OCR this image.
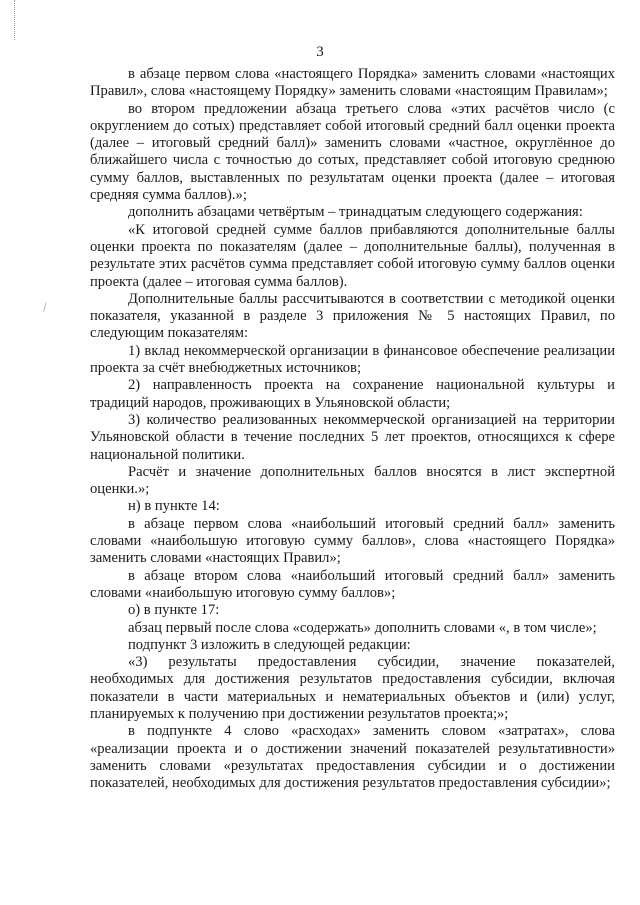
⁄
3

в абзаце первом слова «настоящего Порядка» заменить словами «настоящих Правил», слова «настоящему Порядку» заменить словами «настоящим Правилам»;

во втором предложении абзаца третьего слова «этих расчётов число (с округлением до сотых) представляет собой итоговый средний балл оценки проекта (далее – итоговый средний балл)» заменить словами «частное, округлённое до ближайшего числа с точностью до сотых, представляет собой итоговую среднюю сумму баллов, выставленных по результатам оценки проекта (далее – итоговая средняя сумма баллов).»;

дополнить абзацами четвёртым – тринадцатым следующего содержания:

«К итоговой средней сумме баллов прибавляются дополнительные баллы оценки проекта по показателям (далее – дополнительные баллы), полученная в результате этих расчётов сумма представляет собой итоговую сумму баллов оценки проекта (далее – итоговая сумма баллов).

Дополнительные баллы рассчитываются в соответствии с методикой оценки показателя, указанной в разделе 3 приложения № 5 настоящих Правил, по следующим показателям:

1) вклад некоммерческой организации в финансовое обеспечение реализации проекта за счёт внебюджетных источников;

2) направленность проекта на сохранение национальной культуры и традиций народов, проживающих в Ульяновской области;

3) количество реализованных некоммерческой организацией на территории Ульяновской области в течение последних 5 лет проектов, относящихся к сфере национальной политики.

Расчёт и значение дополнительных баллов вносятся в лист экспертной оценки.»;

н) в пункте 14:

в абзаце первом слова «наибольший итоговый средний балл» заменить словами «наибольшую итоговую сумму баллов», слова «настоящего Порядка» заменить словами «настоящих Правил»;

в абзаце втором слова «наибольший итоговый средний балл» заменить словами «наибольшую итоговую сумму баллов»;

о) в пункте 17:

абзац первый после слова «содержать» дополнить словами «, в том числе»;

подпункт 3 изложить в следующей редакции:

«3) результаты предоставления субсидии, значение показателей, необходимых для достижения результатов предоставления субсидии, включая показатели в части материальных и нематериальных объектов и (или) услуг, планируемых к получению при достижении результатов проекта;»;

в подпункте 4 слово «расходах» заменить словом «затратах», слова «реализации проекта и о достижении значений показателей результативности» заменить словами «результатах предоставления субсидии и о достижении показателей, необходимых для достижения результатов предоставления субсидии»;
